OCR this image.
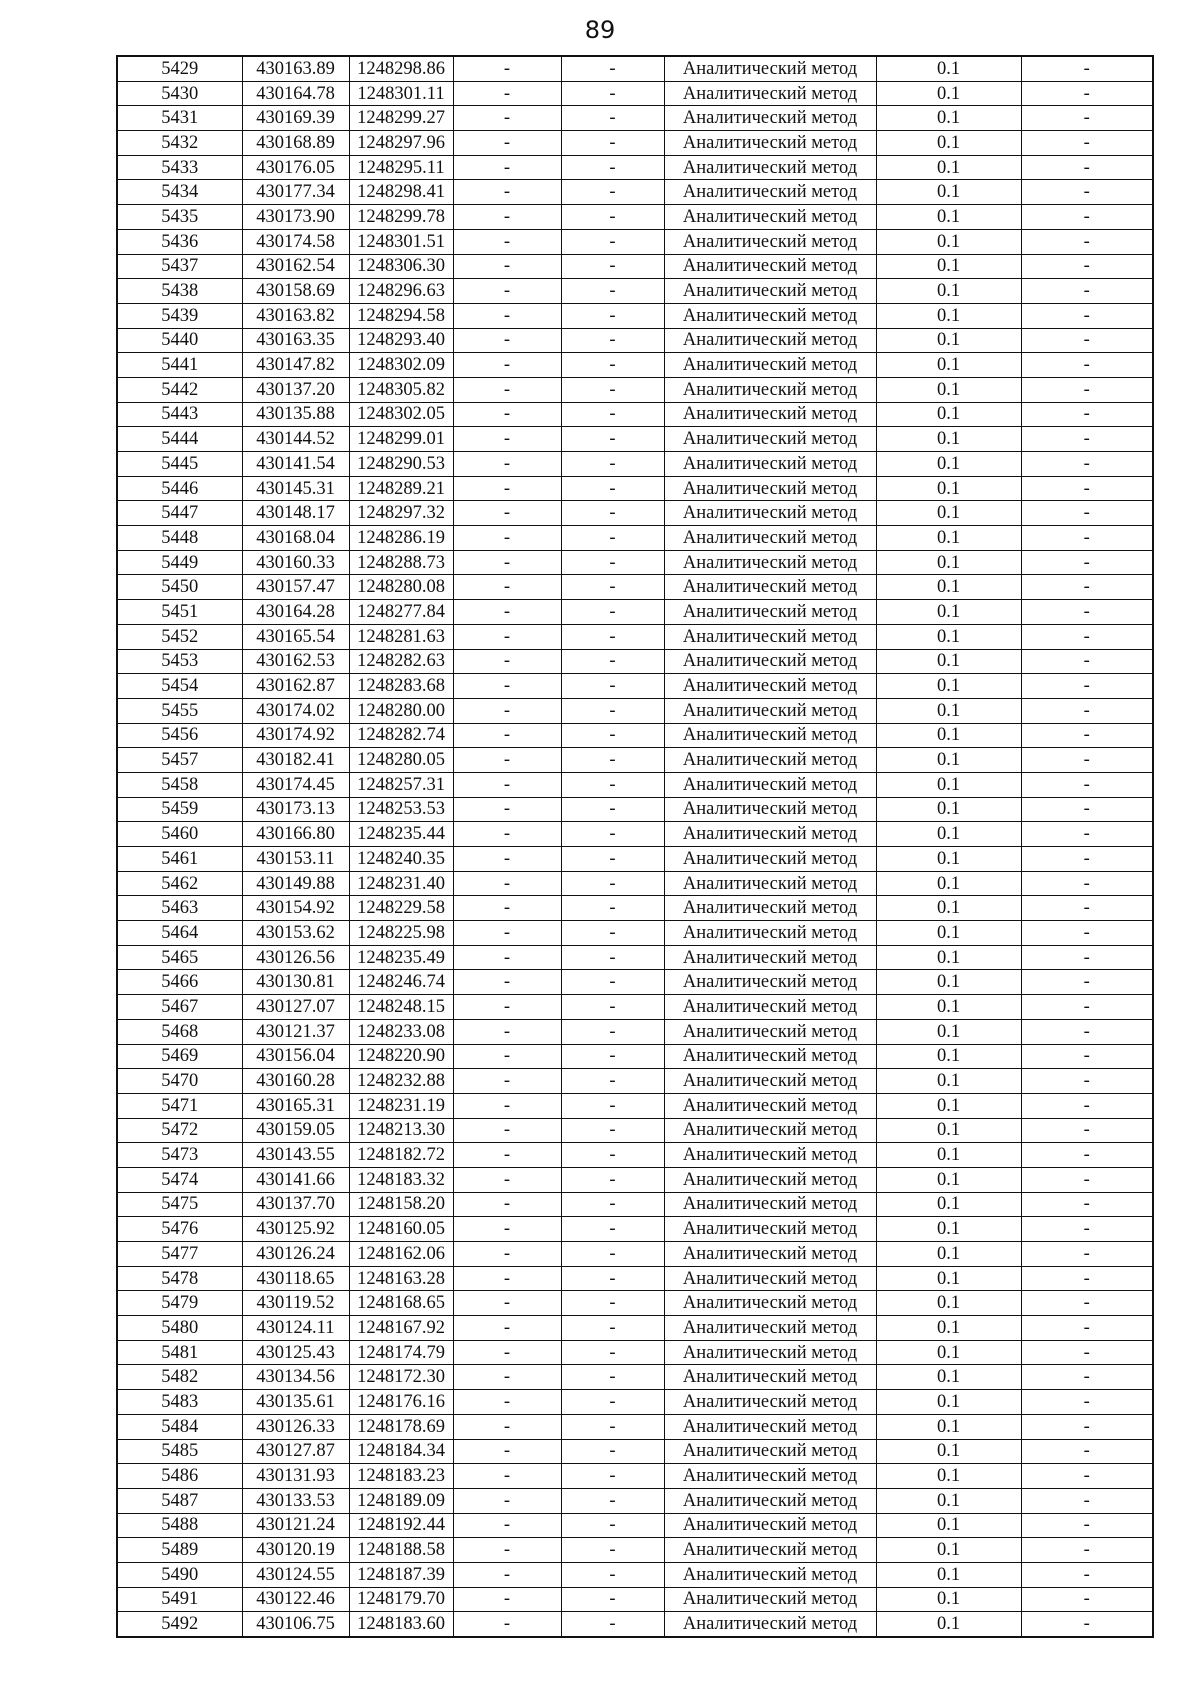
89
5429	430163.89	1248298.86	-	-	Аналитический метод	0.1	-
5430	430164.78	1248301.11	-	-	Аналитический метод	0.1	-
5431	430169.39	1248299.27	-	-	Аналитический метод	0.1	-
5432	430168.89	1248297.96	-	-	Аналитический метод	0.1	-
5433	430176.05	1248295.11	-	-	Аналитический метод	0.1	-
5434	430177.34	1248298.41	-	-	Аналитический метод	0.1	-
5435	430173.90	1248299.78	-	-	Аналитический метод	0.1	-
5436	430174.58	1248301.51	-	-	Аналитический метод	0.1	-
5437	430162.54	1248306.30	-	-	Аналитический метод	0.1	-
5438	430158.69	1248296.63	-	-	Аналитический метод	0.1	-
5439	430163.82	1248294.58	-	-	Аналитический метод	0.1	-
5440	430163.35	1248293.40	-	-	Аналитический метод	0.1	-
5441	430147.82	1248302.09	-	-	Аналитический метод	0.1	-
5442	430137.20	1248305.82	-	-	Аналитический метод	0.1	-
5443	430135.88	1248302.05	-	-	Аналитический метод	0.1	-
5444	430144.52	1248299.01	-	-	Аналитический метод	0.1	-
5445	430141.54	1248290.53	-	-	Аналитический метод	0.1	-
5446	430145.31	1248289.21	-	-	Аналитический метод	0.1	-
5447	430148.17	1248297.32	-	-	Аналитический метод	0.1	-
5448	430168.04	1248286.19	-	-	Аналитический метод	0.1	-
5449	430160.33	1248288.73	-	-	Аналитический метод	0.1	-
5450	430157.47	1248280.08	-	-	Аналитический метод	0.1	-
5451	430164.28	1248277.84	-	-	Аналитический метод	0.1	-
5452	430165.54	1248281.63	-	-	Аналитический метод	0.1	-
5453	430162.53	1248282.63	-	-	Аналитический метод	0.1	-
5454	430162.87	1248283.68	-	-	Аналитический метод	0.1	-
5455	430174.02	1248280.00	-	-	Аналитический метод	0.1	-
5456	430174.92	1248282.74	-	-	Аналитический метод	0.1	-
5457	430182.41	1248280.05	-	-	Аналитический метод	0.1	-
5458	430174.45	1248257.31	-	-	Аналитический метод	0.1	-
5459	430173.13	1248253.53	-	-	Аналитический метод	0.1	-
5460	430166.80	1248235.44	-	-	Аналитический метод	0.1	-
5461	430153.11	1248240.35	-	-	Аналитический метод	0.1	-
5462	430149.88	1248231.40	-	-	Аналитический метод	0.1	-
5463	430154.92	1248229.58	-	-	Аналитический метод	0.1	-
5464	430153.62	1248225.98	-	-	Аналитический метод	0.1	-
5465	430126.56	1248235.49	-	-	Аналитический метод	0.1	-
5466	430130.81	1248246.74	-	-	Аналитический метод	0.1	-
5467	430127.07	1248248.15	-	-	Аналитический метод	0.1	-
5468	430121.37	1248233.08	-	-	Аналитический метод	0.1	-
5469	430156.04	1248220.90	-	-	Аналитический метод	0.1	-
5470	430160.28	1248232.88	-	-	Аналитический метод	0.1	-
5471	430165.31	1248231.19	-	-	Аналитический метод	0.1	-
5472	430159.05	1248213.30	-	-	Аналитический метод	0.1	-
5473	430143.55	1248182.72	-	-	Аналитический метод	0.1	-
5474	430141.66	1248183.32	-	-	Аналитический метод	0.1	-
5475	430137.70	1248158.20	-	-	Аналитический метод	0.1	-
5476	430125.92	1248160.05	-	-	Аналитический метод	0.1	-
5477	430126.24	1248162.06	-	-	Аналитический метод	0.1	-
5478	430118.65	1248163.28	-	-	Аналитический метод	0.1	-
5479	430119.52	1248168.65	-	-	Аналитический метод	0.1	-
5480	430124.11	1248167.92	-	-	Аналитический метод	0.1	-
5481	430125.43	1248174.79	-	-	Аналитический метод	0.1	-
5482	430134.56	1248172.30	-	-	Аналитический метод	0.1	-
5483	430135.61	1248176.16	-	-	Аналитический метод	0.1	-
5484	430126.33	1248178.69	-	-	Аналитический метод	0.1	-
5485	430127.87	1248184.34	-	-	Аналитический метод	0.1	-
5486	430131.93	1248183.23	-	-	Аналитический метод	0.1	-
5487	430133.53	1248189.09	-	-	Аналитический метод	0.1	-
5488	430121.24	1248192.44	-	-	Аналитический метод	0.1	-
5489	430120.19	1248188.58	-	-	Аналитический метод	0.1	-
5490	430124.55	1248187.39	-	-	Аналитический метод	0.1	-
5491	430122.46	1248179.70	-	-	Аналитический метод	0.1	-
5492	430106.75	1248183.60	-	-	Аналитический метод	0.1	-
